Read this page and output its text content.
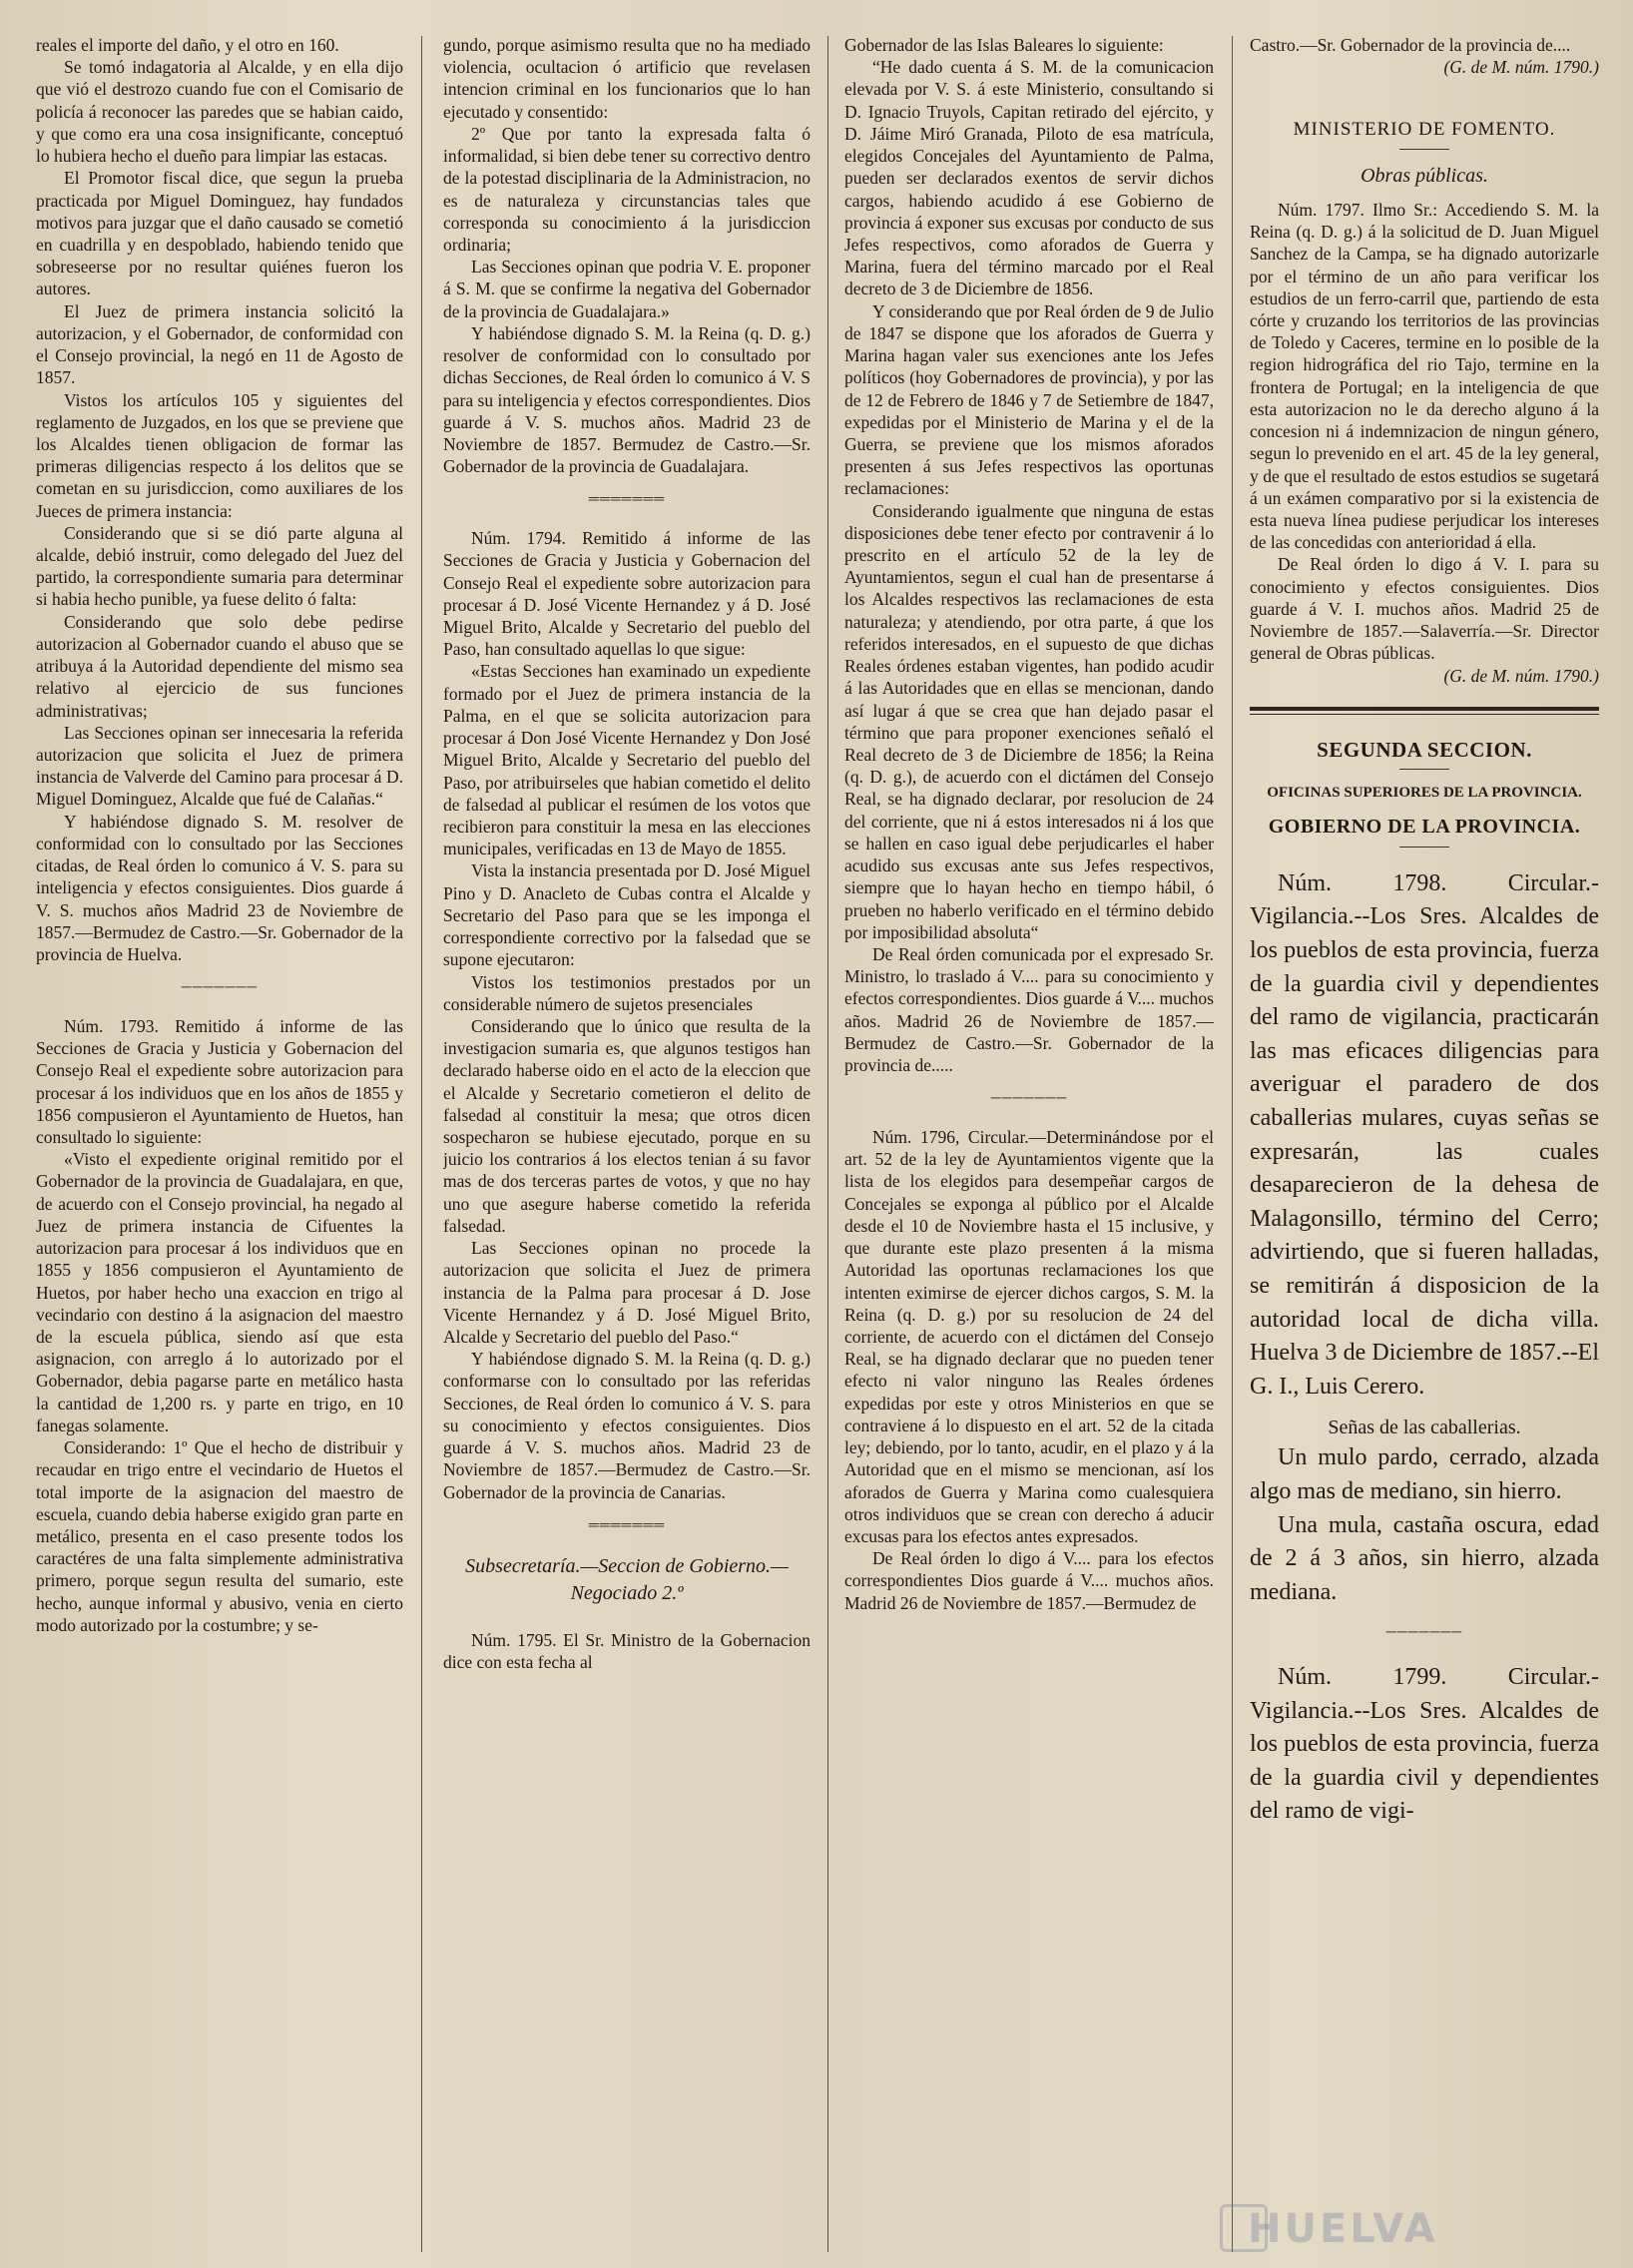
reales el importe del daño, y el otro en 160.

Se tomó indagatoria al Alcalde, y en ella dijo que vió el destrozo cuando fue con el Comisario de policía á reconocer las paredes que se habian caido, y que como era una cosa insignificante, conceptuó lo hubiera hecho el dueño para limpiar las estacas.

El Promotor fiscal dice, que segun la prueba practicada por Miguel Dominguez, hay fundados motivos para juzgar que el daño causado se cometió en cuadrilla y en despoblado, habiendo tenido que sobreseerse por no resultar quiénes fueron los autores.

El Juez de primera instancia solicitó la autorizacion, y el Gobernador, de conformidad con el Consejo provincial, la negó en 11 de Agosto de 1857.

Vistos los artículos 105 y siguientes del reglamento de Juzgados, en los que se previene que los Alcaldes tienen obligacion de formar las primeras diligencias respecto á los delitos que se cometan en su jurisdiccion, como auxiliares de los Jueces de primera instancia:

Considerando que si se dió parte alguna al alcalde, debió instruir, como delegado del Juez del partido, la correspondiente sumaria para determinar si habia hecho punible, ya fuese delito ó falta:

Considerando que solo debe pedirse autorizacion al Gobernador cuando el abuso que se atribuya á la Autoridad dependiente del mismo sea relativo al ejercicio de sus funciones administrativas;

Las Secciones opinan ser innecesaria la referida autorizacion que solicita el Juez de primera instancia de Valverde del Camino para procesar á D. Miguel Dominguez, Alcalde que fué de Calañas.“

Y habiéndose dignado S. M. resolver de conformidad con lo consultado por las Secciones citadas, de Real órden lo comunico á V. S. para su inteligencia y efectos consiguientes. Dios guarde á V. S. muchos años Madrid 23 de Noviembre de 1857.—Bermudez de Castro.—Sr. Gobernador de la provincia de Huelva.

───────

Núm. 1793. Remitido á informe de las Secciones de Gracia y Justicia y Gobernacion del Consejo Real el expediente sobre autorizacion para procesar á los individuos que en los años de 1855 y 1856 compusieron el Ayuntamiento de Huetos, han consultado lo siguiente:

«Visto el expediente original remitido por el Gobernador de la provincia de Guadalajara, en que, de acuerdo con el Consejo provincial, ha negado al Juez de primera instancia de Cifuentes la autorizacion para procesar á los individuos que en 1855 y 1856 compusieron el Ayuntamiento de Huetos, por haber hecho una exaccion en trigo al vecindario con destino á la asignacion del maestro de la escuela pública, siendo así que esta asignacion, con arreglo á lo autorizado por el Gobernador, debia pagarse parte en metálico hasta la cantidad de 1,200 rs. y parte en trigo, en 10 fanegas solamente.

Considerando: 1º Que el hecho de distribuir y recaudar en trigo entre el vecindario de Huetos el total importe de la asignacion del maestro de escuela, cuando debia haberse exigido gran parte en metálico, presenta en el caso presente todos los caractéres de una falta simplemente administrativa primero, porque segun resulta del sumario, este hecho, aunque informal y abusivo, venia en cierto modo autorizado por la costumbre; y se-

gundo, porque asimismo resulta que no ha mediado violencia, ocultacion ó artificio que revelasen intencion criminal en los funcionarios que lo han ejecutado y consentido:

2º Que por tanto la expresada falta ó informalidad, si bien debe tener su correctivo dentro de la potestad disciplinaria de la Administracion, no es de naturaleza y circunstancias tales que corresponda su conocimiento á la jurisdiccion ordinaria;

Las Secciones opinan que podria V. E. proponer á S. M. que se confirme la negativa del Gobernador de la provincia de Guadalajara.»

Y habiéndose dignado S. M. la Reina (q. D. g.) resolver de conformidad con lo consultado por dichas Secciones, de Real órden lo comunico á V. S para su inteligencia y efectos correspondientes. Dios guarde á V. S. muchos años. Madrid 23 de Noviembre de 1857. Bermudez de Castro.—Sr. Gobernador de la provincia de Guadalajara.

═══════

Núm. 1794. Remitido á informe de las Secciones de Gracia y Justicia y Gobernacion del Consejo Real el expediente sobre autorizacion para procesar á D. José Vicente Hernandez y á D. José Miguel Brito, Alcalde y Secretario del pueblo del Paso, han consultado aquellas lo que sigue:

«Estas Secciones han examinado un expediente formado por el Juez de primera instancia de la Palma, en el que se solicita autorizacion para procesar á Don José Vicente Hernandez y Don José Miguel Brito, Alcalde y Secretario del pueblo del Paso, por atribuirseles que habian cometido el delito de falsedad al publicar el resúmen de los votos que recibieron para constituir la mesa en las elecciones municipales, verificadas en 13 de Mayo de 1855.

Vista la instancia presentada por D. José Miguel Pino y D. Anacleto de Cubas contra el Alcalde y Secretario del Paso para que se les imponga el correspondiente correctivo por la falsedad que se supone ejecutaron:

Vistos los testimonios prestados por un considerable número de sujetos presenciales

Considerando que lo único que resulta de la investigacion sumaria es, que algunos testigos han declarado haberse oido en el acto de la eleccion que el Alcalde y Secretario cometieron el delito de falsedad al constituir la mesa; que otros dicen sospecharon se hubiese ejecutado, porque en su juicio los contrarios á los electos tenian á su favor mas de dos terceras partes de votos, y que no hay uno que asegure haberse cometido la referida falsedad.

Las Secciones opinan no procede la autorizacion que solicita el Juez de primera instancia de la Palma para procesar á D. Jose Vicente Hernandez y á D. José Miguel Brito, Alcalde y Secretario del pueblo del Paso.“

Y habiéndose dignado S. M. la Reina (q. D. g.) conformarse con lo consultado por las referidas Secciones, de Real órden lo comunico á V. S. para su conocimiento y efectos consiguientes. Dios guarde á V. S. muchos años. Madrid 23 de Noviembre de 1857.—Bermudez de Castro.—Sr. Gobernador de la provincia de Canarias.

═══════
Subsecretaría.—Seccion de Gobierno.—Negociado 2.º

Núm. 1795. El Sr. Ministro de la Gobernacion dice con esta fecha al

Gobernador de las Islas Baleares lo siguiente:

“He dado cuenta á S. M. de la comunicacion elevada por V. S. á este Ministerio, consultando si D. Ignacio Truyols, Capitan retirado del ejército, y D. Jáime Miró Granada, Piloto de esa matrícula, elegidos Concejales del Ayuntamiento de Palma, pueden ser declarados exentos de servir dichos cargos, habiendo acudido á ese Gobierno de provincia á exponer sus excusas por conducto de sus Jefes respectivos, como aforados de Guerra y Marina, fuera del término marcado por el Real decreto de 3 de Diciembre de 1856.

Y considerando que por Real órden de 9 de Julio de 1847 se dispone que los aforados de Guerra y Marina hagan valer sus exenciones ante los Jefes políticos (hoy Gobernadores de provincia), y por las de 12 de Febrero de 1846 y 7 de Setiembre de 1847, expedidas por el Ministerio de Marina y el de la Guerra, se previene que los mismos aforados presenten á sus Jefes respectivos las oportunas reclamaciones:

Considerando igualmente que ninguna de estas disposiciones debe tener efecto por contravenir á lo prescrito en el artículo 52 de la ley de Ayuntamientos, segun el cual han de presentarse á los Alcaldes respectivos las reclamaciones de esta naturaleza; y atendiendo, por otra parte, á que los referidos interesados, en el supuesto de que dichas Reales órdenes estaban vigentes, han podido acudir á las Autoridades que en ellas se mencionan, dando así lugar á que se crea que han dejado pasar el término que para proponer exenciones señaló el Real decreto de 3 de Diciembre de 1856; la Reina (q. D. g.), de acuerdo con el dictámen del Consejo Real, se ha dignado declarar, por resolucion de 24 del corriente, que ni á estos interesados ni á los que se hallen en caso igual debe perjudicarles el haber acudido sus excusas ante sus Jefes respectivos, siempre que lo hayan hecho en tiempo hábil, ó prueben no haberlo verificado en el término debido por imposibilidad absoluta“

De Real órden comunicada por el expresado Sr. Ministro, lo traslado á V.... para su conocimiento y efectos correspondientes. Dios guarde á V.... muchos años. Madrid 26 de Noviembre de 1857.—Bermudez de Castro.—Sr. Gobernador de la provincia de.....

───────

Núm. 1796, Circular.—Determinándose por el art. 52 de la ley de Ayuntamientos vigente que la lista de los elegidos para desempeñar cargos de Concejales se exponga al público por el Alcalde desde el 10 de Noviembre hasta el 15 inclusive, y que durante este plazo presenten á la misma Autoridad las oportunas reclamaciones los que intenten eximirse de ejercer dichos cargos, S. M. la Reina (q. D. g.) por su resolucion de 24 del corriente, de acuerdo con el dictámen del Consejo Real, se ha dignado declarar que no pueden tener efecto ni valor ninguno las Reales órdenes expedidas por este y otros Ministerios en que se contraviene á lo dispuesto en el art. 52 de la citada ley; debiendo, por lo tanto, acudir, en el plazo y á la Autoridad que en el mismo se mencionan, así los aforados de Guerra y Marina como cualesquiera otros individuos que se crean con derecho á aducir excusas para los efectos antes expresados.

De Real órden lo digo á V.... para los efectos correspondientes Dios guarde á V.... muchos años. Madrid 26 de Noviembre de 1857.—Bermudez de

Castro.—Sr. Gobernador de la provincia de....

(G. de M. núm. 1790.)

MINISTERIO DE FOMENTO.
Obras públicas.

Núm. 1797. Ilmo Sr.: Accediendo S. M. la Reina (q. D. g.) á la solicitud de D. Juan Miguel Sanchez de la Campa, se ha dignado autorizarle por el término de un año para verificar los estudios de un ferro-carril que, partiendo de esta córte y cruzando los territorios de las provincias de Toledo y Caceres, termine en lo posible de la region hidrográfica del rio Tajo, termine en la frontera de Portugal; en la inteligencia de que esta autorizacion no le da derecho alguno á la concesion ni á indemnizacion de ningun género, segun lo prevenido en el art. 45 de la ley general, y de que el resultado de estos estudios se sugetará á un exámen comparativo por si la existencia de esta nueva línea pudiese perjudicar los intereses de las concedidas con anterioridad á ella.

De Real órden lo digo á V. I. para su conocimiento y efectos consiguientes. Dios guarde á V. I. muchos años. Madrid 25 de Noviembre de 1857.—Salaverría.—Sr. Director general de Obras públicas.

(G. de M. núm. 1790.)

SEGUNDA SECCION.
OFICINAS SUPERIORES DE LA PROVINCIA.
GOBIERNO DE LA PROVINCIA.

Núm. 1798. Circular.-Vigilancia.--Los Sres. Alcaldes de los pueblos de esta provincia, fuerza de la guardia civil y dependientes del ramo de vigilancia, practicarán las mas eficaces diligencias para averiguar el paradero de dos caballerias mulares, cuyas señas se expresarán, las cuales desaparecieron de la dehesa de Malagonsillo, término del Cerro; advirtiendo, que si fueren halladas, se remitirán á disposicion de la autoridad local de dicha villa. Huelva 3 de Diciembre de 1857.--El G. I., Luis Cerero.

Señas de las caballerias.

Un mulo pardo, cerrado, alzada algo mas de mediano, sin hierro.

Una mula, castaña oscura, edad de 2 á 3 años, sin hierro, alzada mediana.

───────

Núm. 1799. Circular.-Vigilancia.--Los Sres. Alcaldes de los pueblos de esta provincia, fuerza de la guardia civil y dependientes del ramo de vigi-

HUELVA
